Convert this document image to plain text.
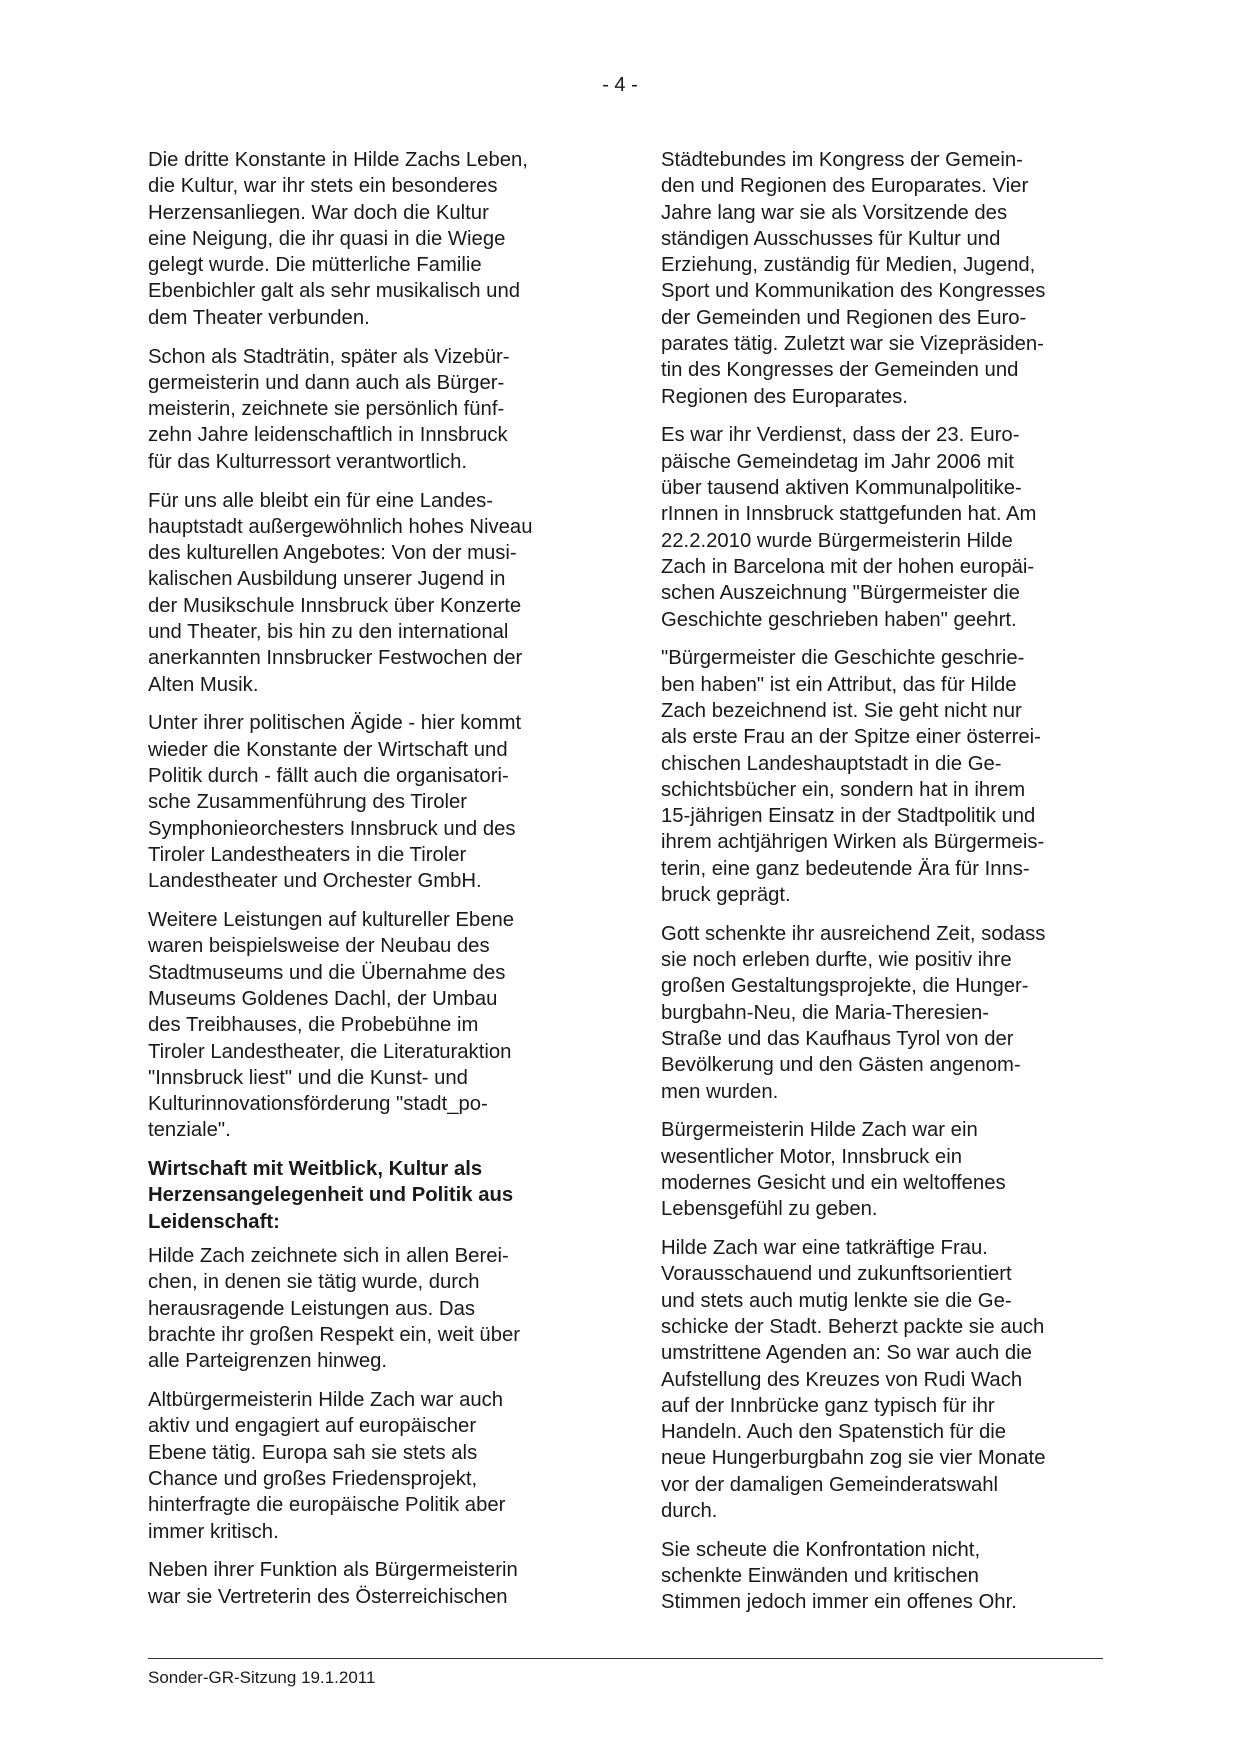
- 4 -

Die dritte Konstante in Hilde Zachs Leben,
die Kultur, war ihr stets ein besonderes
Herzensanliegen. War doch die Kultur
eine Neigung, die ihr quasi in die Wiege
gelegt wurde. Die mütterliche Familie
Ebenbichler galt als sehr musikalisch und
dem Theater verbunden.

Schon als Stadträtin, später als Vizebür-
germeisterin und dann auch als Bürger-
meisterin, zeichnete sie persönlich fünf-
zehn Jahre leidenschaftlich in Innsbruck
für das Kulturressort verantwortlich.

Für uns alle bleibt ein für eine Landes-
hauptstadt außergewöhnlich hohes Niveau
des kulturellen Angebotes: Von der musi-
kalischen Ausbildung unserer Jugend in
der Musikschule Innsbruck über Konzerte
und Theater, bis hin zu den international
anerkannten Innsbrucker Festwochen der
Alten Musik.

Unter ihrer politischen Ägide - hier kommt
wieder die Konstante der Wirtschaft und
Politik durch - fällt auch die organisatori-
sche Zusammenführung des Tiroler
Symphonieorchesters Innsbruck und des
Tiroler Landestheaters in die Tiroler
Landestheater und Orchester GmbH.

Weitere Leistungen auf kultureller Ebene
waren beispielsweise der Neubau des
Stadtmuseums und die Übernahme des
Museums Goldenes Dachl, der Umbau
des Treibhauses, die Probebühne im
Tiroler Landestheater, die Literaturaktion
"Innsbruck liest" und die Kunst- und
Kulturinnovationsförderung "stadt_po-
tenziale".

Wirtschaft mit Weitblick, Kultur als
Herzensangelegenheit und Politik aus
Leidenschaft:

Hilde Zach zeichnete sich in allen Berei-
chen, in denen sie tätig wurde, durch
herausragende Leistungen aus. Das
brachte ihr großen Respekt ein, weit über
alle Parteigrenzen hinweg.

Altbürgermeisterin Hilde Zach war auch
aktiv und engagiert auf europäischer
Ebene tätig. Europa sah sie stets als
Chance und großes Friedensprojekt,
hinterfragte die europäische Politik aber
immer kritisch.

Neben ihrer Funktion als Bürgermeisterin
war sie Vertreterin des Österreichischen

Städtebundes im Kongress der Gemein-
den und Regionen des Europarates. Vier
Jahre lang war sie als Vorsitzende des
ständigen Ausschusses für Kultur und
Erziehung, zuständig für Medien, Jugend,
Sport und Kommunikation des Kongresses
der Gemeinden und Regionen des Euro-
parates tätig. Zuletzt war sie Vizepräsiden-
tin des Kongresses der Gemeinden und
Regionen des Europarates.

Es war ihr Verdienst, dass der 23. Euro-
päische Gemeindetag im Jahr 2006 mit
über tausend aktiven Kommunalpolitike-
rInnen in Innsbruck stattgefunden hat. Am
22.2.2010 wurde Bürgermeisterin Hilde
Zach in Barcelona mit der hohen europäi-
schen Auszeichnung "Bürgermeister die
Geschichte geschrieben haben" geehrt.

"Bürgermeister die Geschichte geschrie-
ben haben" ist ein Attribut, das für Hilde
Zach bezeichnend ist. Sie geht nicht nur
als erste Frau an der Spitze einer österrei-
chischen Landeshauptstadt in die Ge-
schichtsbücher ein, sondern hat in ihrem
15-jährigen Einsatz in der Stadtpolitik und
ihrem achtjährigen Wirken als Bürgermeis-
terin, eine ganz bedeutende Ära für Inns-
bruck geprägt.

Gott schenkte ihr ausreichend Zeit, sodass
sie noch erleben durfte, wie positiv ihre
großen Gestaltungsprojekte, die Hunger-
burgbahn-Neu, die Maria-Theresien-
Straße und das Kaufhaus Tyrol von der
Bevölkerung und den Gästen angenom-
men wurden.

Bürgermeisterin Hilde Zach war ein
wesentlicher Motor, Innsbruck ein
modernes Gesicht und ein weltoffenes
Lebensgefühl zu geben.

Hilde Zach war eine tatkräftige Frau.
Vorausschauend und zukunftsorientiert
und stets auch mutig lenkte sie die Ge-
schicke der Stadt. Beherzt packte sie auch
umstrittene Agenden an: So war auch die
Aufstellung des Kreuzes von Rudi Wach
auf der Innbrücke ganz typisch für ihr
Handeln. Auch den Spatenstich für die
neue Hungerburgbahn zog sie vier Monate
vor der damaligen Gemeinderatswahl
durch.

Sie scheute die Konfrontation nicht,
schenkte Einwänden und kritischen
Stimmen jedoch immer ein offenes Ohr.

Sonder-GR-Sitzung 19.1.2011
